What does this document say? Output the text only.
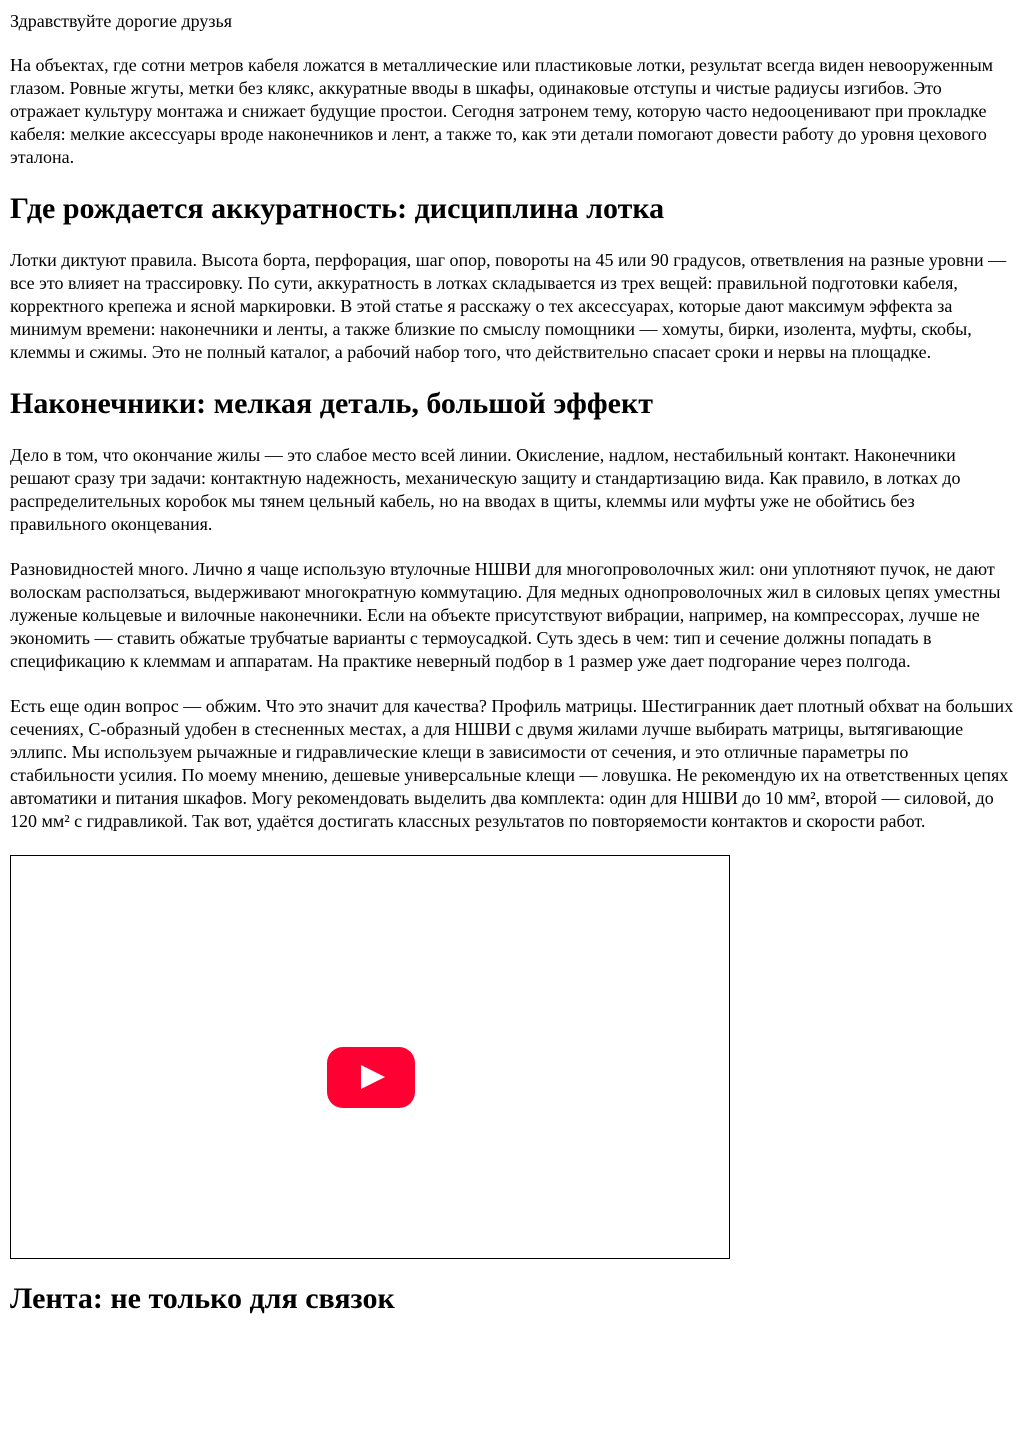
Здравствуйте дорогие друзья

На объектах, где сотни метров кабеля ложатся в металлические или пластиковые лотки, результат всегда виден невооруженным глазом. Ровные жгуты, метки без клякс, аккуратные вводы в шкафы, одинаковые отступы и чистые радиусы изгибов. Это отражает культуру монтажа и снижает будущие простои. Сегодня затронем тему, которую часто недооценивают при прокладке кабеля: мелкие аксессуары вроде наконечников и лент, а также то, как эти детали помогают довести работу до уровня цехового эталона.

Где рождается аккуратность: дисциплина лотка

Лотки диктуют правила. Высота борта, перфорация, шаг опор, повороты на 45 или 90 градусов, ответвления на разные уровни — все это влияет на трассировку. По сути, аккуратность в лотках складывается из трех вещей: правильной подготовки кабеля, корректного крепежа и ясной маркировки. В этой статье я расскажу о тех аксессуарах, которые дают максимум эффекта за минимум времени: наконечники и ленты, а также близкие по смыслу помощники — хомуты, бирки, изолента, муфты, скобы, клеммы и сжимы. Это не полный каталог, а рабочий набор того, что действительно спасает сроки и нервы на площадке.

Наконечники: мелкая деталь, большой эффект

Дело в том, что окончание жилы — это слабое место всей линии. Окисление, надлом, нестабильный контакт. Наконечники решают сразу три задачи: контактную надежность, механическую защиту и стандартизацию вида. Как правило, в лотках до распределительных коробок мы тянем цельный кабель, но на вводах в щиты, клеммы или муфты уже не обойтись без правильного оконцевания.

Разновидностей много. Лично я чаще использую втулочные НШВИ для многопроволочных жил: они уплотняют пучок, не дают волоскам расползаться, выдерживают многократную коммутацию. Для медных однопроволочных жил в силовых цепях уместны луженые кольцевые и вилочные наконечники. Если на объекте присутствуют вибрации, например, на компрессорах, лучше не экономить — ставить обжатые трубчатые варианты с термоусадкой. Суть здесь в чем: тип и сечение должны попадать в спецификацию к клеммам и аппаратам. На практике неверный подбор в 1 размер уже дает подгорание через полгода.

Есть еще один вопрос — обжим. Что это значит для качества? Профиль матрицы. Шестигранник дает плотный обхват на больших сечениях, С-образный удобен в стесненных местах, а для НШВИ с двумя жилами лучше выбирать матрицы, вытягивающие эллипс. Мы используем рычажные и гидравлические клещи в зависимости от сечения, и это отличные параметры по стабильности усилия. По моему мнению, дешевые универсальные клещи — ловушка. Не рекомендую их на ответственных цепях автоматики и питания шкафов. Могу рекомендовать выделить два комплекта: один для НШВИ до 10 мм², второй — силовой, до 120 мм² с гидравликой. Так вот, удаётся достигать классных результатов по повторяемости контактов и скорости работ.

Лента: не только для связок
